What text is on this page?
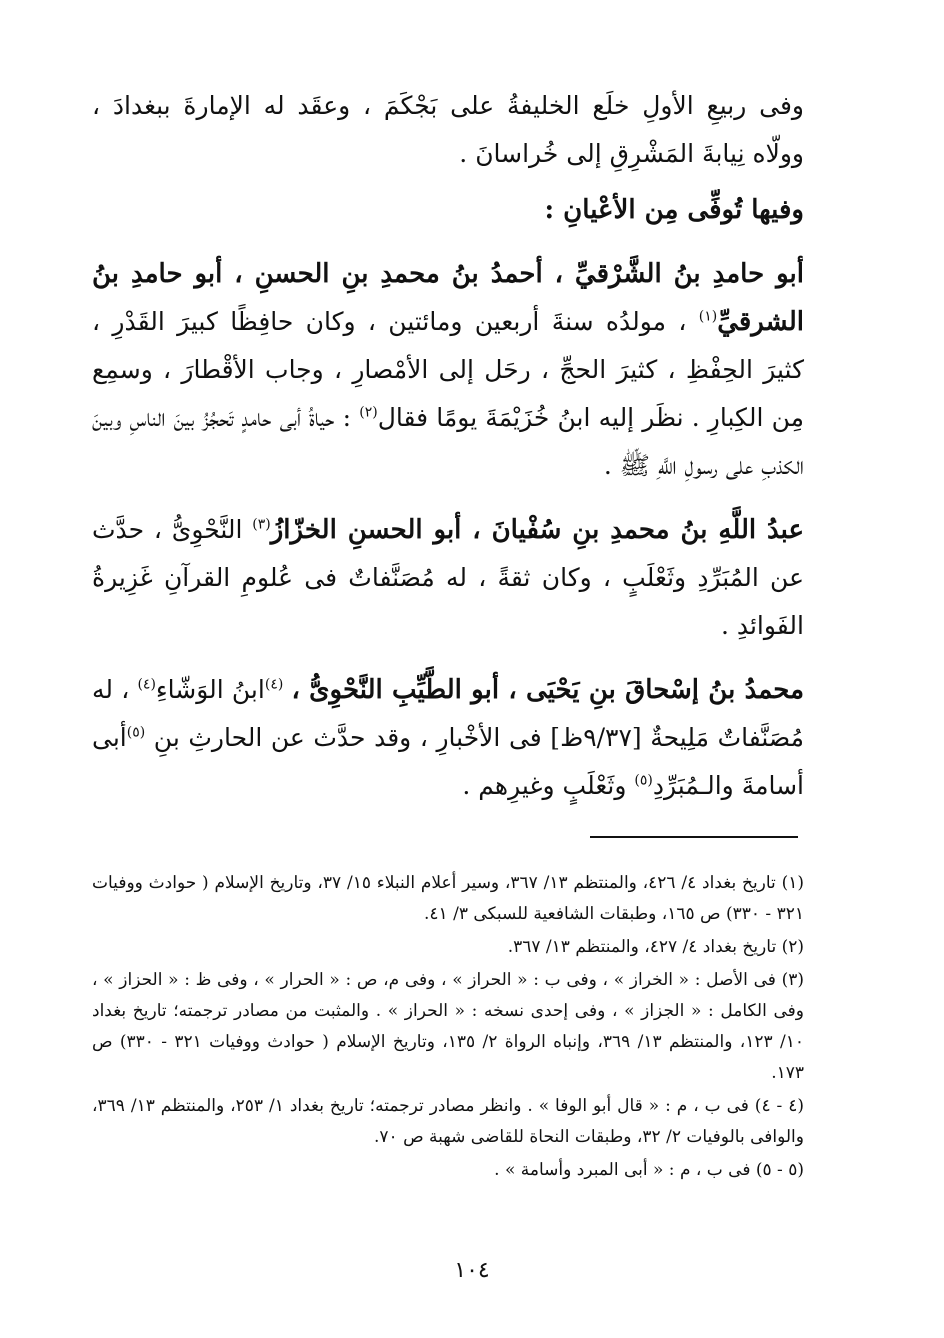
وفى ربيعِ الأولِ خلَع الخليفةُ على بَجْكَمَ ، وعقَد له الإمارةَ ببغدادَ ، وولّاه نِيابةَ المَشْرِقِ إلى خُراسانَ .

وفيها تُوفِّى مِن الأعْيانِ :

أبو حامدِ بنُ الشَّرْقيِّ ، أحمدُ بنُ محمدِ بنِ الحسنِ ، أبو حامدِ بنُ الشرقيِّ$^{(١)}$ ، مولدُه سنةَ أربعين ومائتين ، وكان حافِظًا كبيرَ القَدْرِ ، كثيرَ الحِفْظِ ، كثيرَ الحجِّ ، رحَل إلى الأمْصارِ ، وجاب الأقْطارَ ، وسمِع مِن الكِبارِ . نظَر إليه ابنُ خُزَيْمَةَ يومًا فقال$^{(٢)}$ : حياةُ أبى حامدٍ تَحجُزُ بينَ الناسِ وبينَ الكذبِ على رسولِ اللَّهِ ﷺ .

عبدُ اللَّهِ بنُ محمدِ بنِ سُفْيانَ ، أبو الحسنِ الخزّازُ$^{(٣)}$ النَّحْوِىُّ ، حدَّث عن المُبَرِّدِ وثَعْلَبٍ ، وكان ثقةً ، له مُصَنَّفاتٌ فى عُلومِ القرآنِ غَزِيرةُ الفَوائدِ .

محمدُ بنُ إسْحاقَ بنِ يَحْيَى ، أبو الطَّيِّبِ النَّحْوِىُّ ، $^{(٤)}$ابنُ الوَشّاءِ$^{(٤)}$ ، له مُصَنَّفاتٌ مَلِيحةٌ [٩/٣٧ظ] فى الأخْبارِ ، وقد حدَّث عن الحارثِ بنِ $^{(٥)}$أبى أسامةَ والـمُبَرِّدِ$^{(٥)}$ وثَعْلَبٍ وغيرِهم .

(١) تاريخ بغداد ٤/ ٤٢٦، والمنتظم ١٣/ ٣٦٧، وسير أعلام النبلاء ١٥/ ٣٧، وتاريخ الإسلام ( حوادث ووفيات ٣٢١ - ٣٣٠) ص ١٦٥، وطبقات الشافعية للسبكى ٣/ ٤١.

(٢) تاريخ بغداد ٤/ ٤٢٧، والمنتظم ١٣/ ٣٦٧.

(٣) فى الأصل : « الخراز » ، وفى ب : « الحراز » ، وفى م، ص : « الحرار » ، وفى ظ : « الحزاز » ، وفى الكامل : « الجزاز » ، وفى إحدى نسخه : « الحراز » . والمثبت من مصادر ترجمته؛ تاريخ بغداد ١٠/ ١٢٣، والمنتظم ١٣/ ٣٦٩، وإنباه الرواة ٢/ ١٣٥، وتاريخ الإسلام ( حوادث ووفيات ٣٢١ - ٣٣٠) ص ١٧٣.

(٤ - ٤) فى ب ، م : « قال أبو الوفا » . وانظر مصادر ترجمته؛ تاريخ بغداد ١/ ٢٥٣، والمنتظم ١٣/ ٣٦٩، والوافى بالوفيات ٢/ ٣٢، وطبقات النحاة للقاضى شهبة ص ٧٠.

(٥ - ٥) فى ب ، م : « أبى المبرد وأسامة » .

١٠٤
